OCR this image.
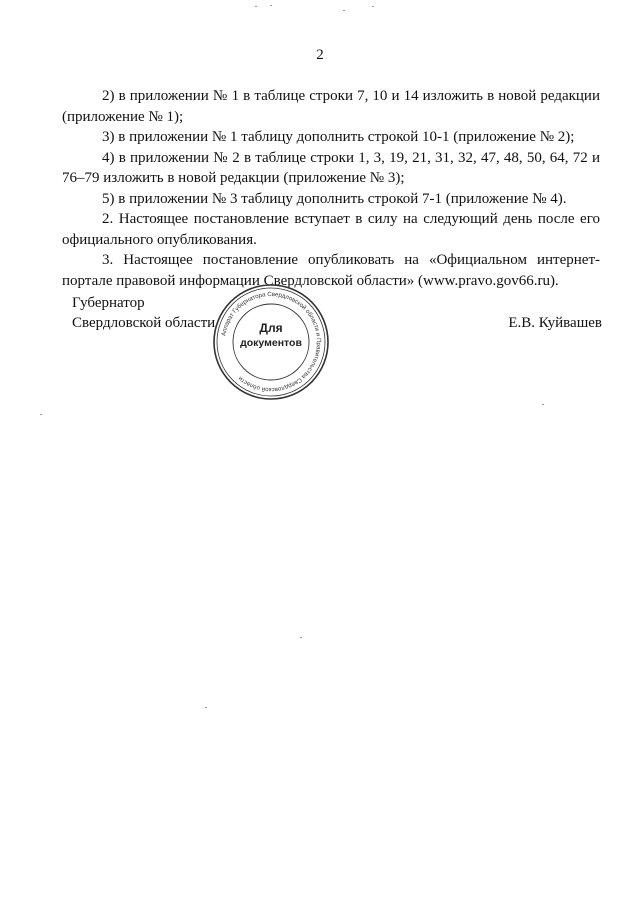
2

2) в приложении № 1 в таблице строки 7, 10 и 14 изложить в новой редакции (приложение № 1);

3) в приложении № 1 таблицу дополнить строкой 10-1 (приложение № 2);

4) в приложении № 2 в таблице строки 1, 3, 19, 21, 31, 32, 47, 48, 50, 64, 72 и 76–79 изложить в новой редакции (приложение № 3);

5) в приложении № 3 таблицу дополнить строкой 7-1 (приложение № 4).

2. Настоящее постановление вступает в силу на следующий день после его официального опубликования.

3. Настоящее постановление опубликовать на «Официальном интернет-портале правовой информации Свердловской области» (www.pravo.gov66.ru).

Губернатор
Свердловской области	Е.В. Куйвашев
Аппарат Губернатора Свердловской области и Правительства Свердловской области
Для
документов
